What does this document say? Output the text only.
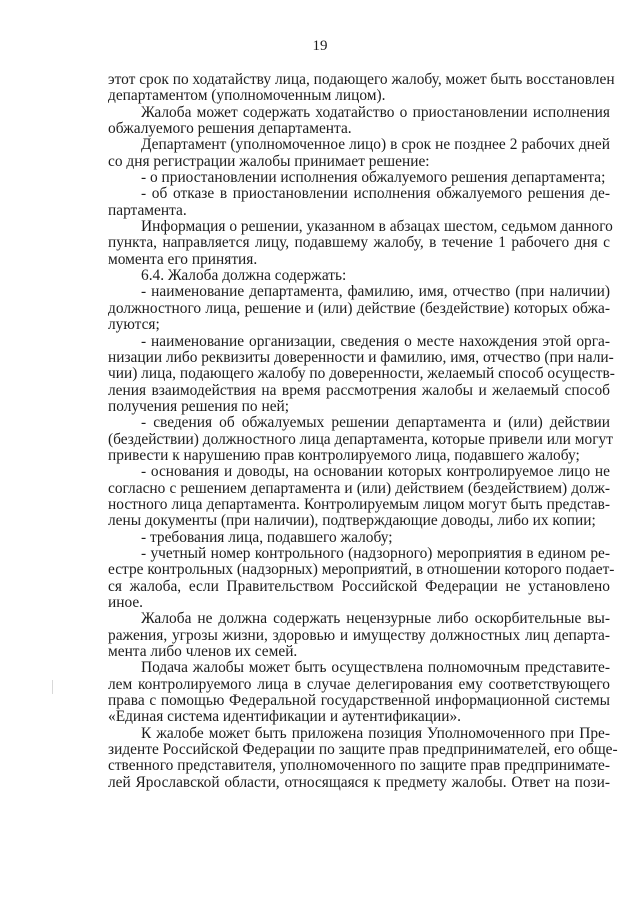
19
этот срок по ходатайству лица, подающего жалобу, может быть восстановлен
департаментом (уполномоченным лицом).
Жалоба может содержать ходатайство о приостановлении исполнения
обжалуемого решения департамента.
Департамент (уполномоченное лицо) в срок не позднее 2 рабочих дней
со дня регистрации жалобы принимает решение:
- о приостановлении исполнения обжалуемого решения департамента;
- об отказе в приостановлении исполнения обжалуемого решения де-
партамента.
Информация о решении, указанном в абзацах шестом, седьмом данного
пункта, направляется лицу, подавшему жалобу, в течение 1 рабочего дня с
момента его принятия.
6.4. Жалоба должна содержать:
- наименование департамента, фамилию, имя, отчество (при наличии)
должностного лица, решение и (или) действие (бездействие) которых обжа-
луются;
- наименование организации, сведения о месте нахождения этой орга-
низации либо реквизиты доверенности и фамилию, имя, отчество (при нали-
чии) лица, подающего жалобу по доверенности, желаемый способ осуществ-
ления взаимодействия на время рассмотрения жалобы и желаемый способ
получения решения по ней;
- сведения об обжалуемых решении департамента и (или) действии
(бездействии) должностного лица департамента, которые привели или могут
привести к нарушению прав контролируемого лица, подавшего жалобу;
- основания и доводы, на основании которых контролируемое лицо не
согласно с решением департамента и (или) действием (бездействием) долж-
ностного лица департамента. Контролируемым лицом могут быть представ-
лены документы (при наличии), подтверждающие доводы, либо их копии;
- требования лица, подавшего жалобу;
- учетный номер контрольного (надзорного) мероприятия в едином ре-
естре контрольных (надзорных) мероприятий, в отношении которого подает-
ся жалоба, если Правительством Российской Федерации не установлено
иное.
Жалоба не должна содержать нецензурные либо оскорбительные вы-
ражения, угрозы жизни, здоровью и имуществу должностных лиц департа-
мента либо членов их семей.
Подача жалобы может быть осуществлена полномочным представите-
лем контролируемого лица в случае делегирования ему соответствующего
права с помощью Федеральной государственной информационной системы
«Единая система идентификации и аутентификации».
К жалобе может быть приложена позиция Уполномоченного при Пре-
зиденте Российской Федерации по защите прав предпринимателей, его обще-
ственного представителя, уполномоченного по защите прав предпринимате-
лей Ярославской области, относящаяся к предмету жалобы. Ответ на пози-
